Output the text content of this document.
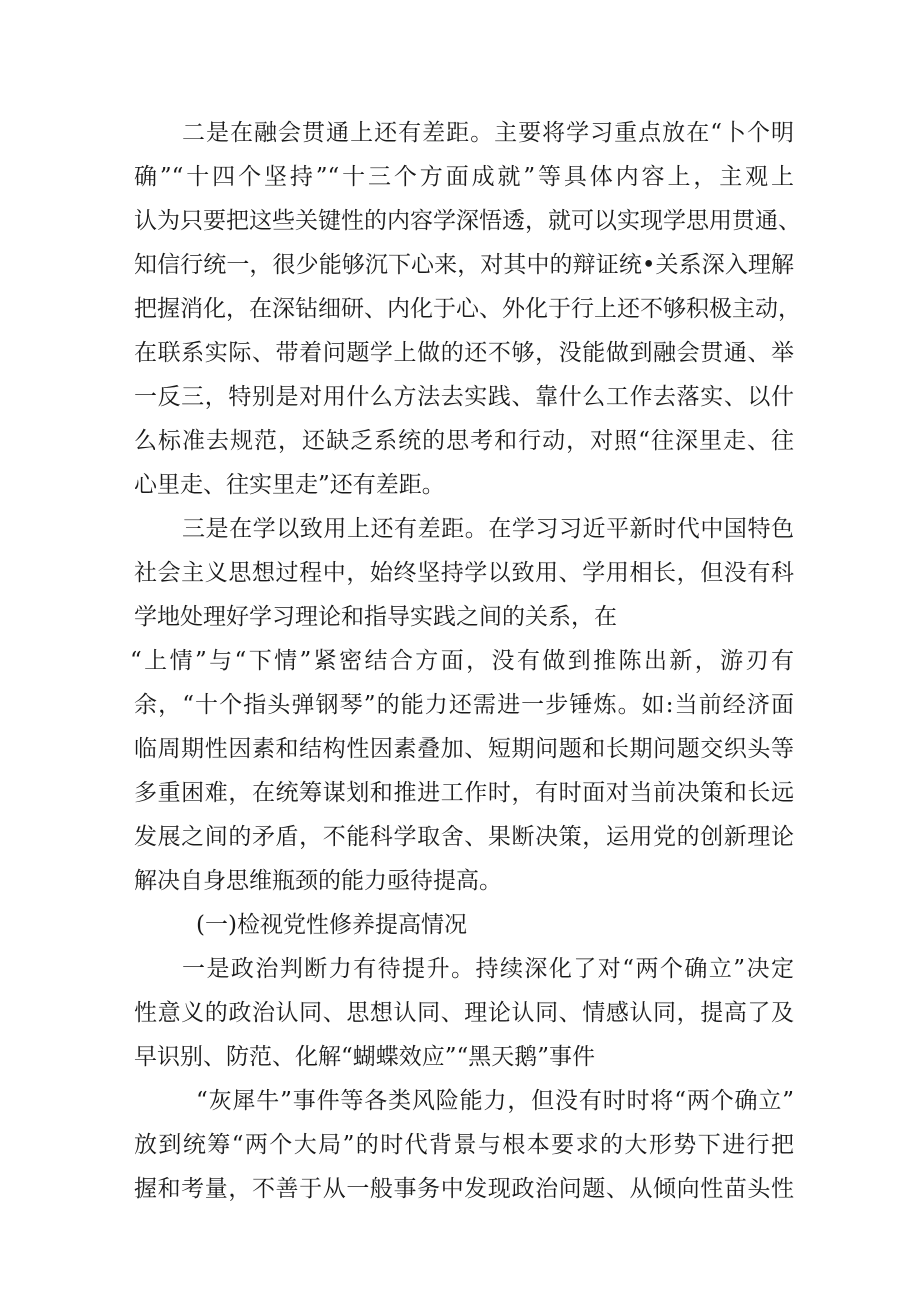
二是在融会贯通上还有差距。主要将学习重点放在“卜个明

确”“十四个坚持”“十三个方面成就”等具体内容上，主观上

认为只要把这些关键性的内容学深悟透，就可以实现学思用贯通、

知信行统一，很少能够沉下心来，对其中的辩证统•关系深入理解

把握消化，在深钻细研、内化于心、外化于行上还不够积极主动，

在联系实际、带着问题学上做的还不够，没能做到融会贯通、举

一反三，特别是对用什么方法去实践、靠什么工作去落实、以什

么标准去规范，还缺乏系统的思考和行动，对照“往深里走、往

心里走、往实里走”还有差距。

三是在学以致用上还有差距。在学习习近平新时代中国特色

社会主义思想过程中，始终坚持学以致用、学用相长，但没有科

学地处理好学习理论和指导实践之间的关系，在

“上情”与“下情”紧密结合方面，没有做到推陈出新，游刃有

余，“十个指头弹钢琴”的能力还需进一步锤炼。如:当前经济面

临周期性因素和结构性因素叠加、短期问题和长期问题交织头等

多重困难，在统筹谋划和推进工作时，有时面对当前决策和长远

发展之间的矛盾，不能科学取舍、果断决策，运用党的创新理论

解决自身思维瓶颈的能力亟待提高。

(一)检视党性修养提高情况

一是政治判断力有待提升。持续深化了对“两个确立”决定

性意义的政治认同、思想认同、理论认同、情感认同，提高了及

早识别、防范、化解“蝴蝶效应”“黑天鹅”事件

“灰犀牛”事件等各类风险能力，但没有时时将“两个确立”

放到统筹“两个大局”的时代背景与根本要求的大形势下进行把

握和考量，不善于从一般事务中发现政治问题、从倾向性苗头性
